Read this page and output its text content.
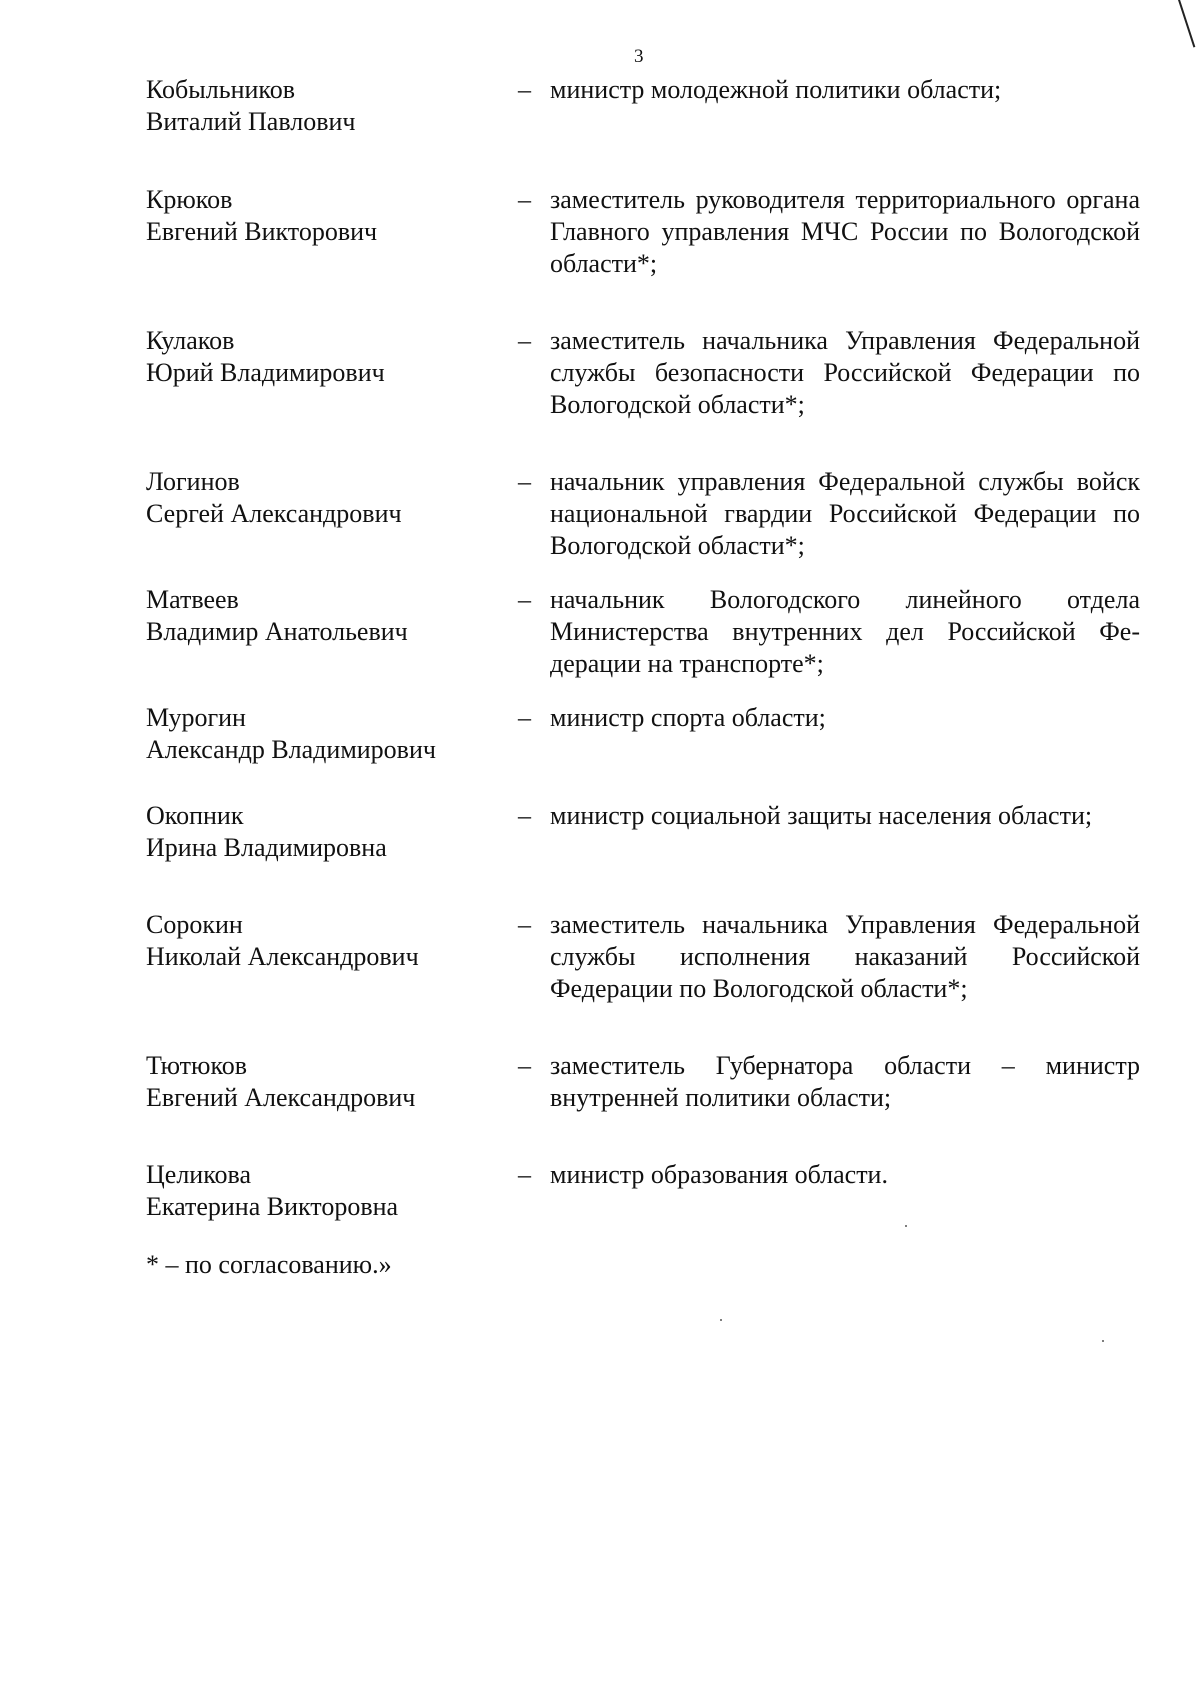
3
Кобыльников
Виталий Павлович
– министр молодежной политики области;
Крюков
Евгений Викторович
– заместитель руководителя территориального органа Главного управления МЧС России по Вологодской области*;
Кулаков
Юрий Владимирович
– заместитель начальника Управления Федеральной службы безопасности Российской Федерации по Вологодской области*;
Логинов
Сергей Александрович
– начальник управления Федеральной службы войск национальной гвардии Российской Федерации по Вологодской области*;
Матвеев
Владимир Анатольевич
– начальник Вологодского линейного отдела Министерства внутренних дел Российской Федерации на транспорте*;
Мурогин
Александр Владимирович
– министр спорта области;
Окопник
Ирина Владимировна
– министр социальной защиты населения области;
Сорокин
Николай Александрович
– заместитель начальника Управления Федеральной службы исполнения наказаний Российской Федерации по Вологодской области*;
Тютюков
Евгений Александрович
– заместитель Губернатора области – министр внутренней политики области;
Целикова
Екатерина Викторовна
– министр образования области.
* – по согласованию.»
